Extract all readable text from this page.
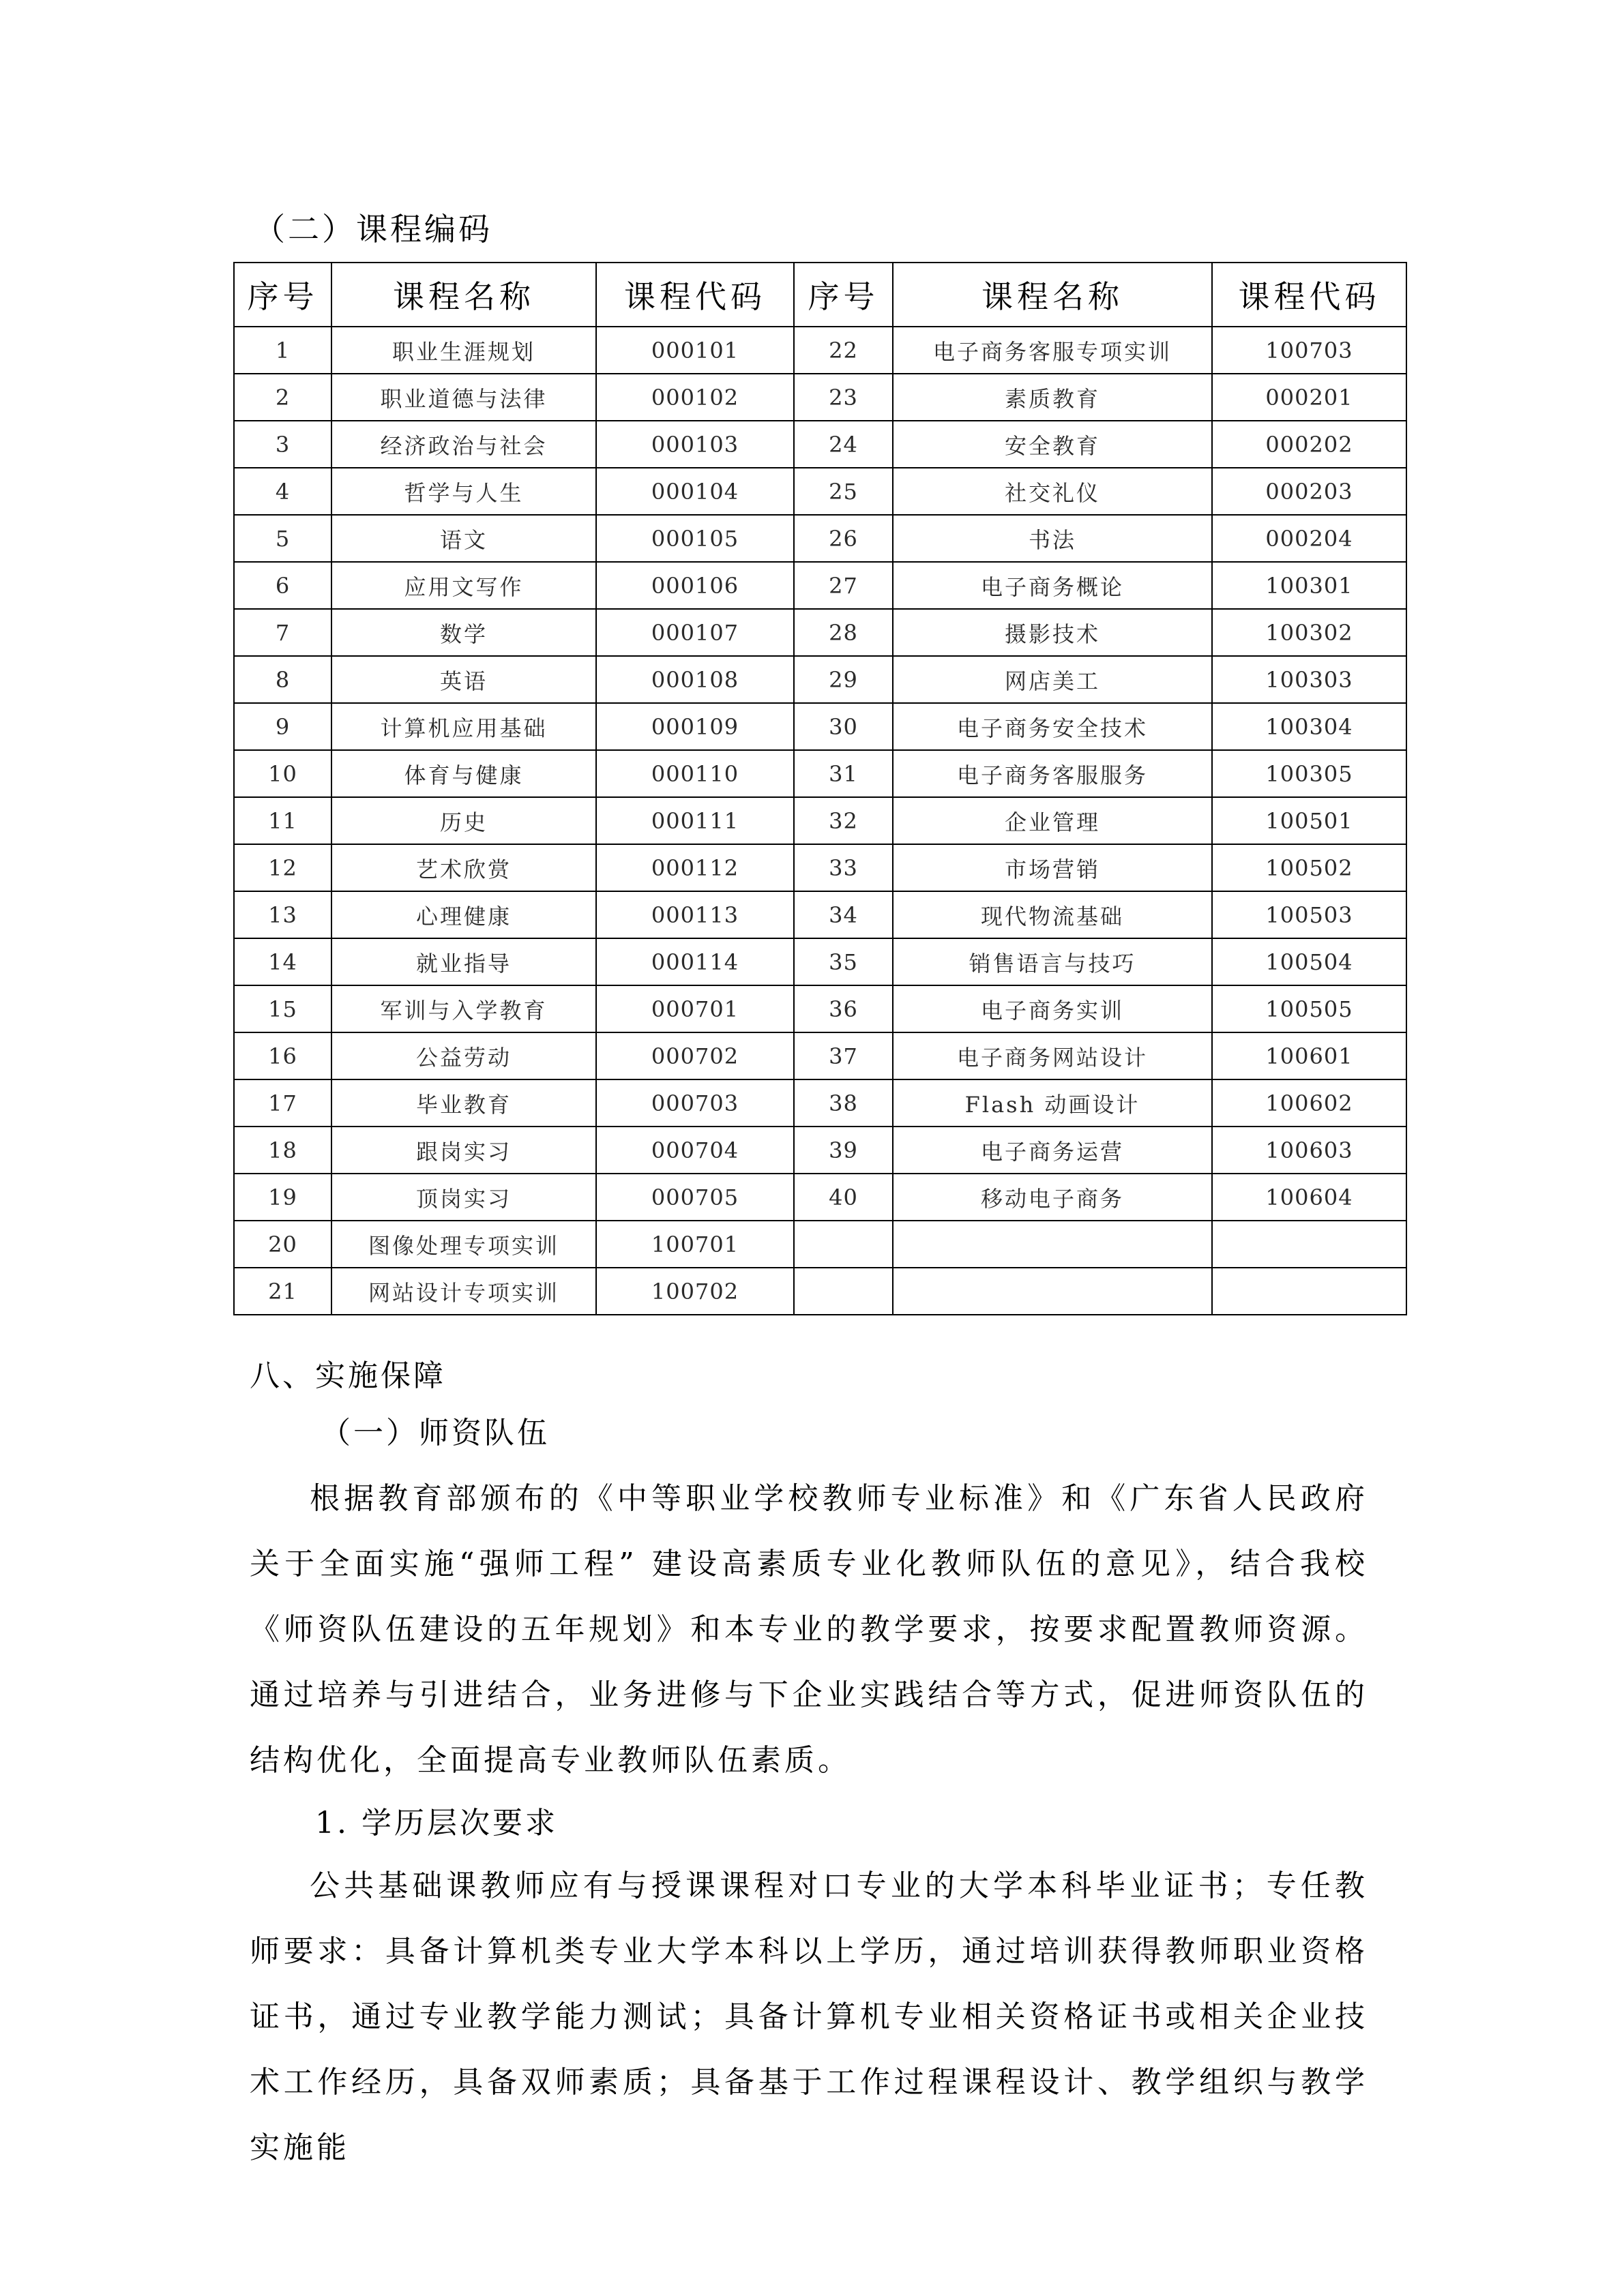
（二）课程编码
序号	课程名称	课程代码	序号	课程名称	课程代码
1	职业生涯规划	000101	22	电子商务客服专项实训	100703
2	职业道德与法律	000102	23	素质教育	000201
3	经济政治与社会	000103	24	安全教育	000202
4	哲学与人生	000104	25	社交礼仪	000203
5	语文	000105	26	书法	000204
6	应用文写作	000106	27	电子商务概论	100301
7	数学	000107	28	摄影技术	100302
8	英语	000108	29	网店美工	100303
9	计算机应用基础	000109	30	电子商务安全技术	100304
10	体育与健康	000110	31	电子商务客服服务	100305
11	历史	000111	32	企业管理	100501
12	艺术欣赏	000112	33	市场营销	100502
13	心理健康	000113	34	现代物流基础	100503
14	就业指导	000114	35	销售语言与技巧	100504
15	军训与入学教育	000701	36	电子商务实训	100505
16	公益劳动	000702	37	电子商务网站设计	100601
17	毕业教育	000703	38	Flash 动画设计	100602
18	跟岗实习	000704	39	电子商务运营	100603
19	顶岗实习	000705	40	移动电子商务	100604
20	图像处理专项实训	100701			
21	网站设计专项实训	100702			
八、实施保障
（一）师资队伍
根据教育部颁布的《中等职业学校教师专业标准》和《广东省人民政府关于全面实施“强师工程” 建设高素质专业化教师队伍的意见》，结合我校《师资队伍建设的五年规划》和本专业的教学要求，按要求配置教师资源。通过培养与引进结合，业务进修与下企业实践结合等方式，促进师资队伍的结构优化，全面提高专业教师队伍素质。
1. 学历层次要求
公共基础课教师应有与授课课程对口专业的大学本科毕业证书；专任教师要求：具备计算机类专业大学本科以上学历，通过培训获得教师职业资格证书，通过专业教学能力测试；具备计算机专业相关资格证书或相关企业技术工作经历，具备双师素质；具备基于工作过程课程设计、教学组织与教学实施能
